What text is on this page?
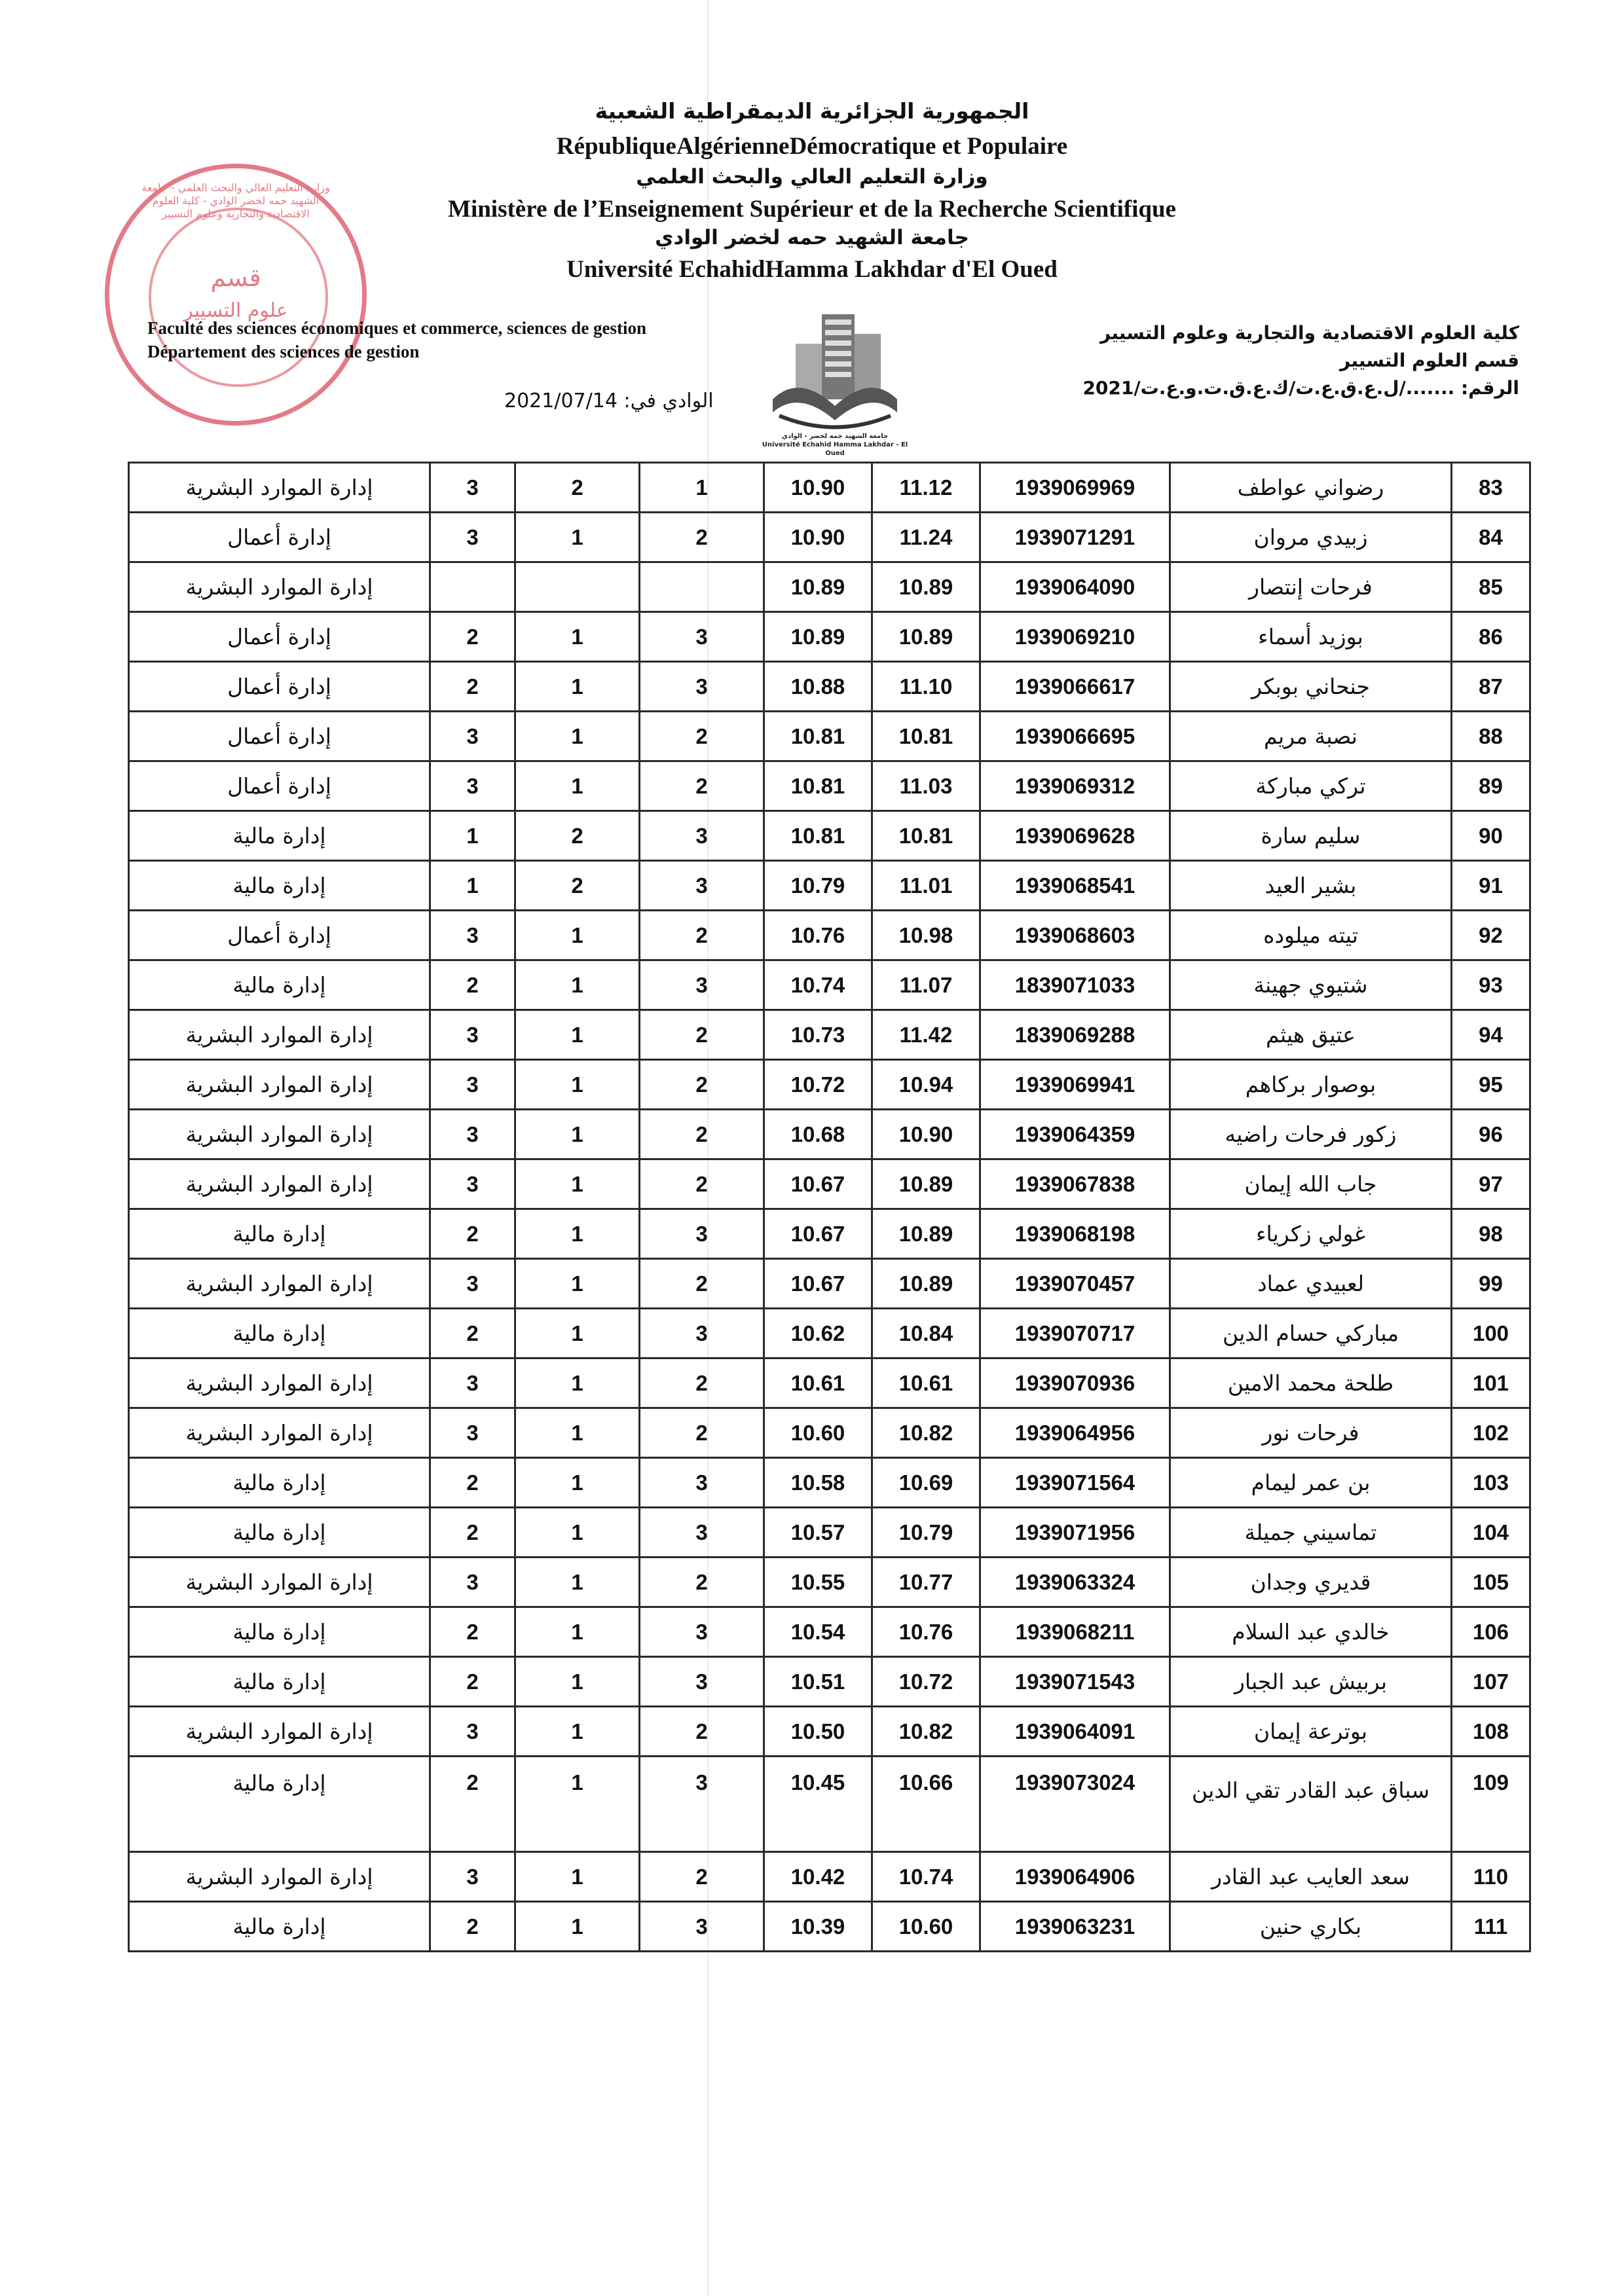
الجمهورية الجزائرية الديمقراطية الشعبية
RépubliqueAlgérienneDémocratique et Populaire
وزارة التعليم العالي والبحث العلمي
Ministère de l’Enseignement Supérieur et de la Recherche Scientifique
جامعة الشهيد حمه لخضر الوادي
Université EchahidHamma Lakhdar d'El Oued
قسم
علوم التسيير
وزارة التعليم العالي والبحث العلمي - جامعة الشهيد حمه لخضر الوادي - كلية العلوم الاقتصادية والتجارية وعلوم التسيير
Faculté des sciences économiques et commerce, sciences de gestion
Département des sciences de gestion
كلية العلوم الاقتصادية والتجارية وعلوم التسيير
قسم العلوم التسيير
الرقم: ......./ل.ع.ق.ع.ت/ك.ع.ق.ت.و.ع.ت/2021
الوادي في: 2021/07/14
جامعة الشهيد حمه لخضر - الوادي
Université Echahid Hamma Lakhdar - El Oued
83	رضواني عواطف	1939069969	11.12	10.90	1	2	3	إدارة الموارد البشرية
84	زبيدي مروان	1939071291	11.24	10.90	2	1	3	إدارة أعمال
85	فرحات إنتصار	1939064090	10.89	10.89				إدارة الموارد البشرية
86	بوزيد أسماء	1939069210	10.89	10.89	3	1	2	إدارة أعمال
87	جنحاني بوبكر	1939066617	11.10	10.88	3	1	2	إدارة أعمال
88	نصبة مريم	1939066695	10.81	10.81	2	1	3	إدارة أعمال
89	تركي مباركة	1939069312	11.03	10.81	2	1	3	إدارة أعمال
90	سليم سارة	1939069628	10.81	10.81	3	2	1	إدارة مالية
91	بشير العيد	1939068541	11.01	10.79	3	2	1	إدارة مالية
92	تيته ميلوده	1939068603	10.98	10.76	2	1	3	إدارة أعمال
93	شتيوي جهينة	1839071033	11.07	10.74	3	1	2	إدارة مالية
94	عتيق هيثم	1839069288	11.42	10.73	2	1	3	إدارة الموارد البشرية
95	بوصوار بركاهم	1939069941	10.94	10.72	2	1	3	إدارة الموارد البشرية
96	زكور فرحات راضيه	1939064359	10.90	10.68	2	1	3	إدارة الموارد البشرية
97	جاب الله إيمان	1939067838	10.89	10.67	2	1	3	إدارة الموارد البشرية
98	غولي زكرياء	1939068198	10.89	10.67	3	1	2	إدارة مالية
99	لعبيدي عماد	1939070457	10.89	10.67	2	1	3	إدارة الموارد البشرية
100	مباركي حسام الدين	1939070717	10.84	10.62	3	1	2	إدارة مالية
101	طلحة محمد الامين	1939070936	10.61	10.61	2	1	3	إدارة الموارد البشرية
102	فرحات نور	1939064956	10.82	10.60	2	1	3	إدارة الموارد البشرية
103	بن عمر ليمام	1939071564	10.69	10.58	3	1	2	إدارة مالية
104	تماسيني جميلة	1939071956	10.79	10.57	3	1	2	إدارة مالية
105	قديري وجدان	1939063324	10.77	10.55	2	1	3	إدارة الموارد البشرية
106	خالدي عبد السلام	1939068211	10.76	10.54	3	1	2	إدارة مالية
107	بربيش عبد الجبار	1939071543	10.72	10.51	3	1	2	إدارة مالية
108	بوترعة إيمان	1939064091	10.82	10.50	2	1	3	إدارة الموارد البشرية
109	سباق عبد القادر تقي الدين	1939073024	10.66	10.45	3	1	2	إدارة مالية
110	سعد العايب عبد القادر	1939064906	10.74	10.42	2	1	3	إدارة الموارد البشرية
111	بكاري حنين	1939063231	10.60	10.39	3	1	2	إدارة مالية
